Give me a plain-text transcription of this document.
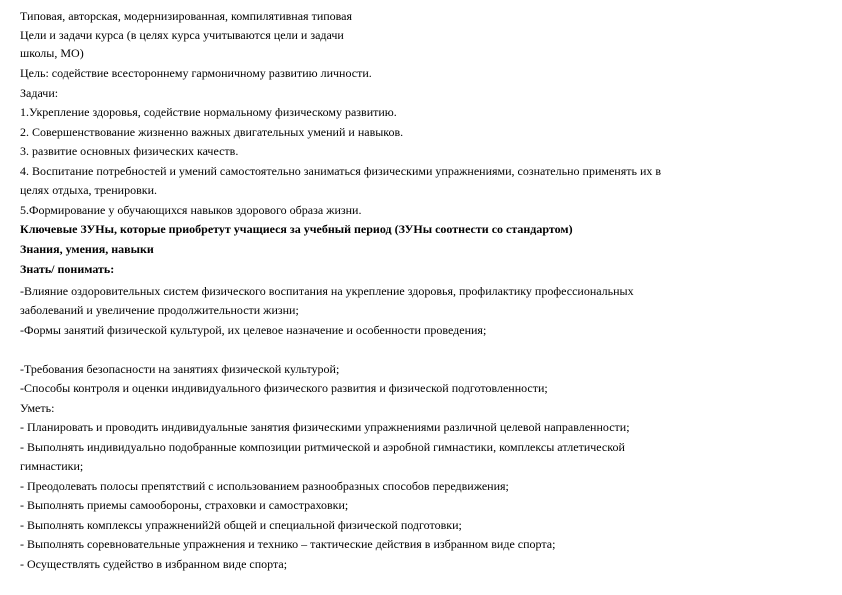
Типовая, авторская, модернизированная, компилятивная типовая
Цели и задачи курса (в целях курса учитываются цели и задачи
школы, МО)
Цель: содействие всестороннему гармоничному развитию личности.
Задачи:
1.Укрепление здоровья, содействие нормальному физическому развитию.
2. Совершенствование жизненно важных двигательных умений и навыков.
3. развитие основных физических качеств.
4. Воспитание потребностей и умений самостоятельно заниматься физическими упражнениями, сознательно применять их в
целях отдыха, тренировки.
5.Формирование у обучающихся навыков здорового образа жизни.
Ключевые ЗУНы, которые приобретут учащиеся за учебный период (ЗУНы соотнести со стандартом)
Знания, умения, навыки
Знать/ понимать:
-Влияние оздоровительных систем физического воспитания на укрепление здоровья, профилактику профессиональных
заболеваний и увеличение продолжительности жизни;
-Формы занятий физической культурой, их целевое назначение и особенности проведения;
-Требования безопасности на занятиях физической культурой;
-Способы контроля и оценки индивидуального физического развития и физической подготовленности;
Уметь:
- Планировать и проводить индивидуальные занятия физическими упражнениями различной целевой направленности;
- Выполнять индивидуально подобранные композиции ритмической и аэробной гимнастики, комплексы атлетической
гимнастики;
- Преодолевать полосы препятствий с использованием разнообразных способов передвижения;
- Выполнять приемы самообороны, страховки и самостраховки;
- Выполнять комплексы упражнений2й общей и специальной физической подготовки;
- Выполнять соревновательные упражнения и технико – тактические действия в избранном виде спорта;
- Осуществлять судейство в избранном виде спорта;
